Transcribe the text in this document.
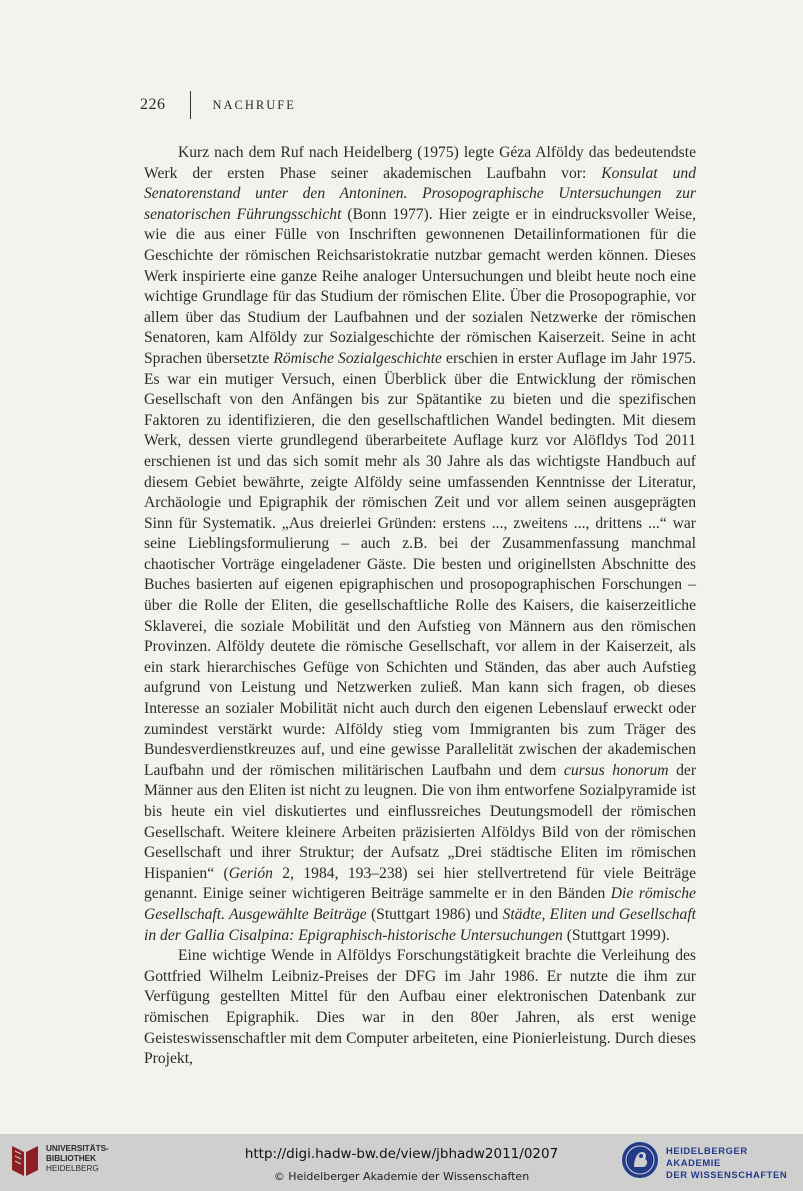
226	NACHRUFE

Kurz nach dem Ruf nach Heidelberg (1975) legte Géza Alföldy das bedeutendste Werk der ersten Phase seiner akademischen Laufbahn vor: Konsulat und Senatorenstand unter den Antoninen. Prosopographische Untersuchungen zur senatorischen Führungsschicht (Bonn 1977). Hier zeigte er in eindrucksvoller Weise, wie die aus einer Fülle von Inschriften gewonnenen Detailinformationen für die Geschichte der römischen Reichsaristokratie nutzbar gemacht werden können. Dieses Werk inspirierte eine ganze Reihe analoger Untersuchungen und bleibt heute noch eine wichtige Grundlage für das Studium der römischen Elite. Über die Prosopographie, vor allem über das Studium der Laufbahnen und der sozialen Netzwerke der römischen Senatoren, kam Alföldy zur Sozialgeschichte der römischen Kaiserzeit. Seine in acht Sprachen übersetzte Römische Sozialgeschichte erschien in erster Auflage im Jahr 1975. Es war ein mutiger Versuch, einen Überblick über die Entwicklung der römischen Gesellschaft von den Anfängen bis zur Spätantike zu bieten und die spezifischen Faktoren zu identifizieren, die den gesellschaftlichen Wandel bedingten. Mit diesem Werk, dessen vierte grundlegend überarbeitete Auflage kurz vor Alöfldys Tod 2011 erschienen ist und das sich somit mehr als 30 Jahre als das wichtigste Handbuch auf diesem Gebiet bewährte, zeigte Alföldy seine umfassenden Kenntnisse der Literatur, Archäologie und Epigraphik der römischen Zeit und vor allem seinen ausgeprägten Sinn für Systematik. „Aus dreierlei Gründen: erstens ..., zweitens ..., drittens ...“ war seine Lieblingsformulierung – auch z.B. bei der Zusammenfassung manchmal chaotischer Vorträge eingeladener Gäste. Die besten und originellsten Abschnitte des Buches basierten auf eigenen epigraphischen und prosopographischen Forschungen – über die Rolle der Eliten, die gesellschaftliche Rolle des Kaisers, die kaiserzeitliche Sklaverei, die soziale Mobilität und den Aufstieg von Männern aus den römischen Provinzen. Alföldy deutete die römische Gesellschaft, vor allem in der Kaiserzeit, als ein stark hierarchisches Gefüge von Schichten und Ständen, das aber auch Aufstieg aufgrund von Leistung und Netzwerken zuließ. Man kann sich fragen, ob dieses Interesse an sozialer Mobilität nicht auch durch den eigenen Lebenslauf erweckt oder zumindest verstärkt wurde: Alföldy stieg vom Immigranten bis zum Träger des Bundesverdienstkreuzes auf, und eine gewisse Parallelität zwischen der akademischen Laufbahn und der römischen militärischen Laufbahn und dem cursus honorum der Männer aus den Eliten ist nicht zu leugnen. Die von ihm entworfene Sozialpyramide ist bis heute ein viel diskutiertes und einflussreiches Deutungsmodell der römischen Gesellschaft. Weitere kleinere Arbeiten präzisierten Alföldys Bild von der römischen Gesellschaft und ihrer Struktur; der Aufsatz „Drei städtische Eliten im römischen Hispanien“ (Gerión 2, 1984, 193–238) sei hier stellvertretend für viele Beiträge genannt. Einige seiner wichtigeren Beiträge sammelte er in den Bänden Die römische Gesellschaft. Ausgewählte Beiträge (Stuttgart 1986) und Städte, Eliten und Gesellschaft in der Gallia Cisalpina: Epigraphisch-historische Untersuchungen (Stuttgart 1999).

Eine wichtige Wende in Alföldys Forschungstätigkeit brachte die Verleihung des Gottfried Wilhelm Leibniz-Preises der DFG im Jahr 1986. Er nutzte die ihm zur Verfügung gestellten Mittel für den Aufbau einer elektronischen Datenbank zur römischen Epigraphik. Dies war in den 80er Jahren, als erst wenige Geisteswissenschaftler mit dem Computer arbeiteten, eine Pionierleistung. Durch dieses Projekt,

UNIVERSITÄTS-
BIBLIOTHEK
HEIDELBERG
http://digi.hadw-bw.de/view/jbhadw2011/0207
© Heidelberger Akademie der Wissenschaften
HEIDELBERGER AKADEMIE
DER WISSENSCHAFTEN
